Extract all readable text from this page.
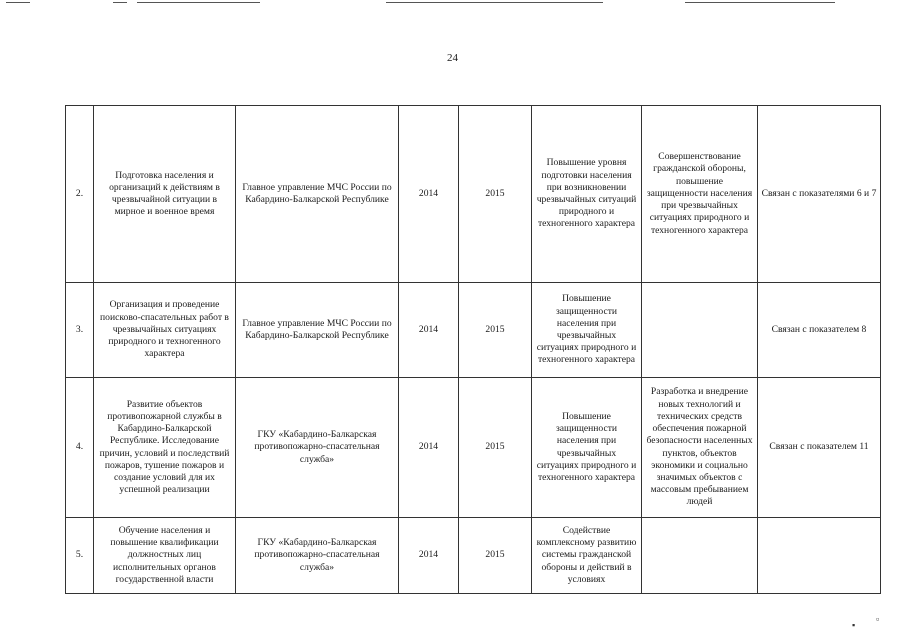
24
2.	Подготовка населения и организаций к действиям в чрезвычайной ситуации в мирное и военное время	Главное управление МЧС России по Кабардино-Балкарской Республике	2014	2015	Повышение уровня подготовки населения при возникновении чрезвычайных ситуаций природного и техногенного характера	Совершенствование гражданской обороны, повышение защищенности населения при чрезвычайных ситуациях природного и техногенного характера	Связан с показателями 6 и 7
3.	Организация и проведение поисково-спасательных работ в чрезвычайных ситуациях природного и техногенного характера	Главное управление МЧС России по Кабардино-Балкарской Республике	2014	2015	Повышение защищенности населения при чрезвычайных ситуациях природного и техногенного характера		Связан с показателем 8
4.	Развитие объектов противопожарной службы в Кабардино-Балкарской Республике. Исследование причин, условий и последствий пожаров, тушение пожаров и создание условий для их успешной реализации	ГКУ «Кабардино-Балкарская противопожарно-спасательная служба»	2014	2015	Повышение защищенности населения при чрезвычайных ситуациях природного и техногенного характера	Разработка и внедрение новых технологий и технических средств обеспечения пожарной безопасности населенных пунктов, объектов экономики и социально значимых объектов с массовым пребыванием людей	Связан с показателем 11
5.	Обучение населения и повышение квалификации должностных лиц исполнительных органов государственной власти	ГКУ «Кабардино-Балкарская противопожарно-спасательная служба»	2014	2015	Содействие комплексному развитию системы гражданской обороны и действий в условиях		
▪
▫
